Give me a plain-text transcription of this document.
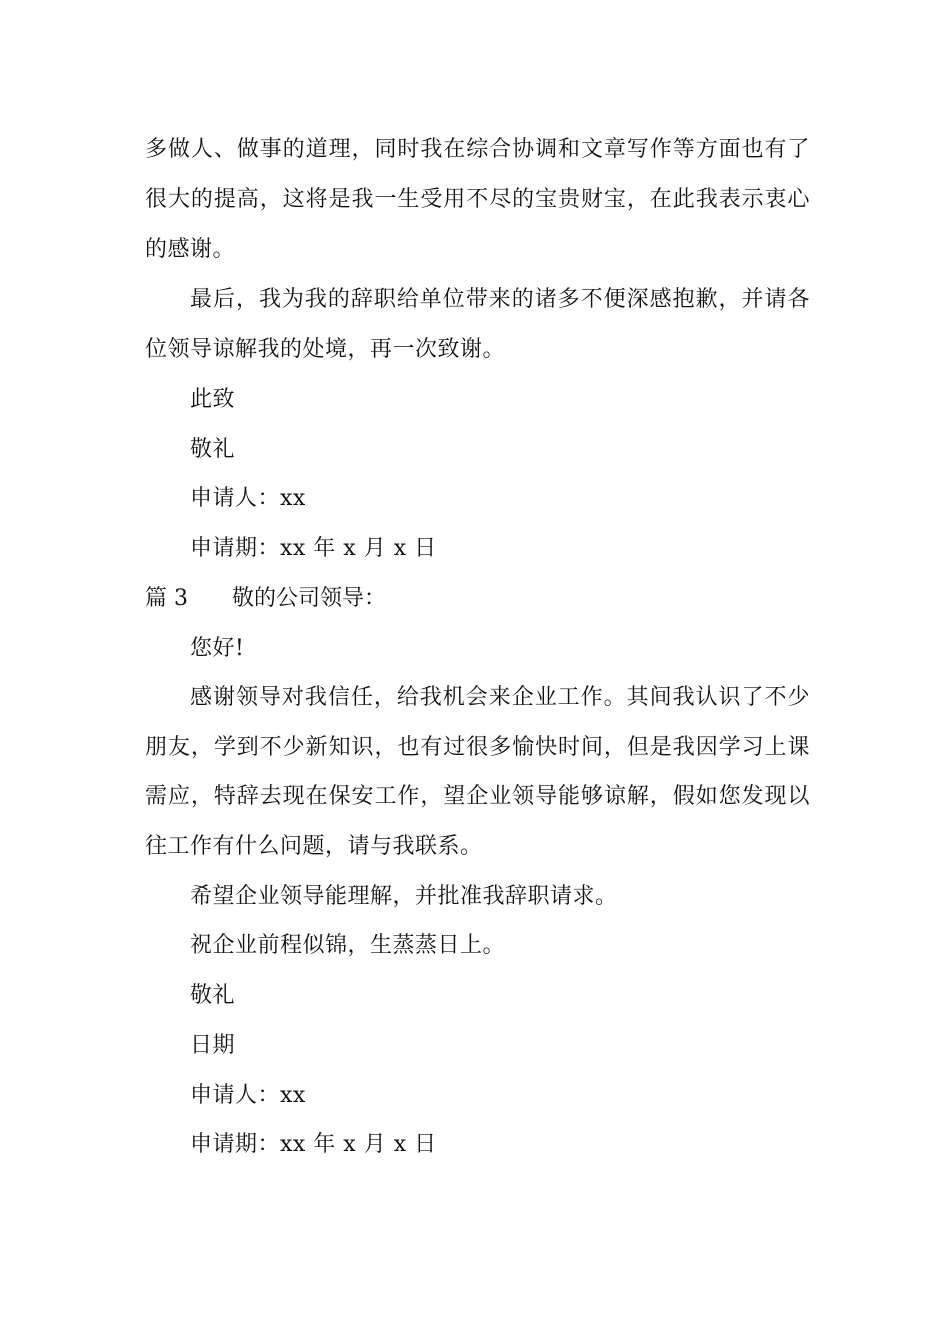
多做人、做事的道理，同时我在综合协调和文章写作等方面也有了
很大的提高，这将是我一生受用不尽的宝贵财宝，在此我表示衷心
的感谢。
最后，我为我的辞职给单位带来的诸多不便深感抱歉，并请各
位领导谅解我的处境，再一次致谢。
此致
敬礼
申请人：xx
申请期：xx 年 x 月 x 日
篇 3 敬的公司领导：
您好!
感谢领导对我信任，给我机会来企业工作。其间我认识了不少
朋友，学到不少新知识，也有过很多愉快时间，但是我因学习上课
需应，特辞去现在保安工作，望企业领导能够谅解，假如您发现以
往工作有什么问题，请与我联系。
希望企业领导能理解，并批准我辞职请求。
祝企业前程似锦，生蒸蒸日上。
敬礼
日期
申请人：xx
申请期：xx 年 x 月 x 日
